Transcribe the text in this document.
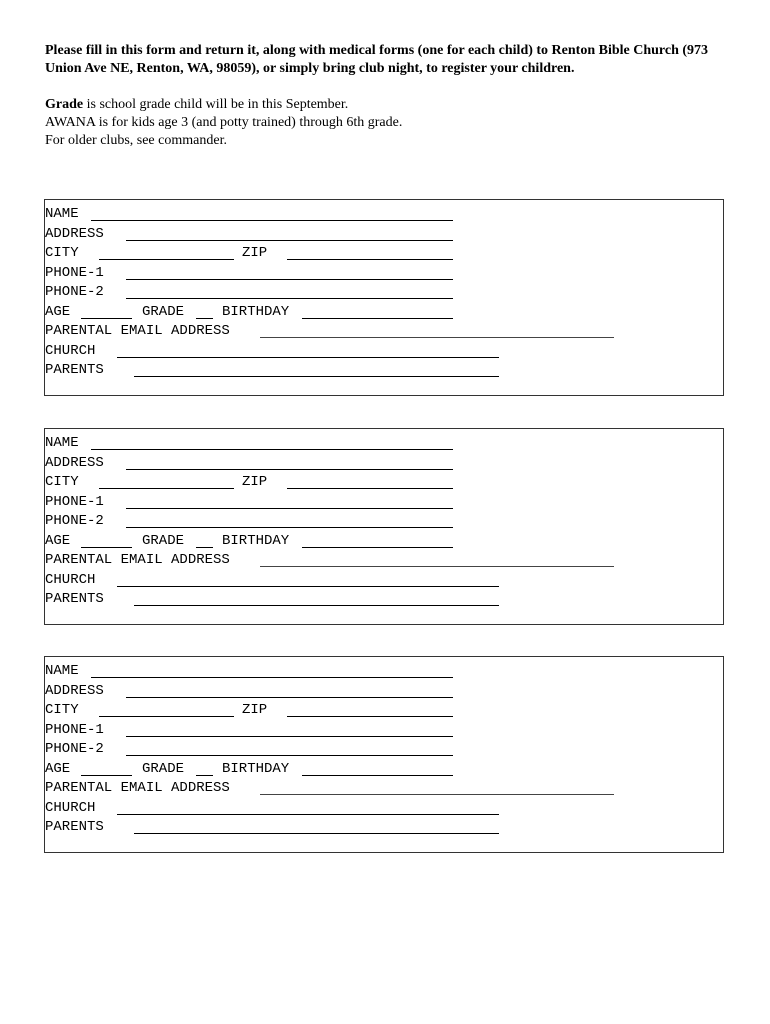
Please fill in this form and return it, along with medical forms (one for each child) to Renton Bible Church (973 Union Ave NE, Renton, WA, 98059), or simply bring club night, to register your children.
Grade is school grade child will be in this September.
AWANA is for kids age 3 (and potty trained) through 6th grade.
For older clubs, see commander.
NAME
ADDRESS
CITY	ZIP
PHONE-1
PHONE-2
AGE	GRADE	BIRTHDAY
PARENTAL EMAIL ADDRESS
CHURCH
PARENTS
NAME
ADDRESS
CITY	ZIP
PHONE-1
PHONE-2
AGE	GRADE	BIRTHDAY
PARENTAL EMAIL ADDRESS
CHURCH
PARENTS
NAME
ADDRESS
CITY	ZIP
PHONE-1
PHONE-2
AGE	GRADE	BIRTHDAY
PARENTAL EMAIL ADDRESS
CHURCH
PARENTS
